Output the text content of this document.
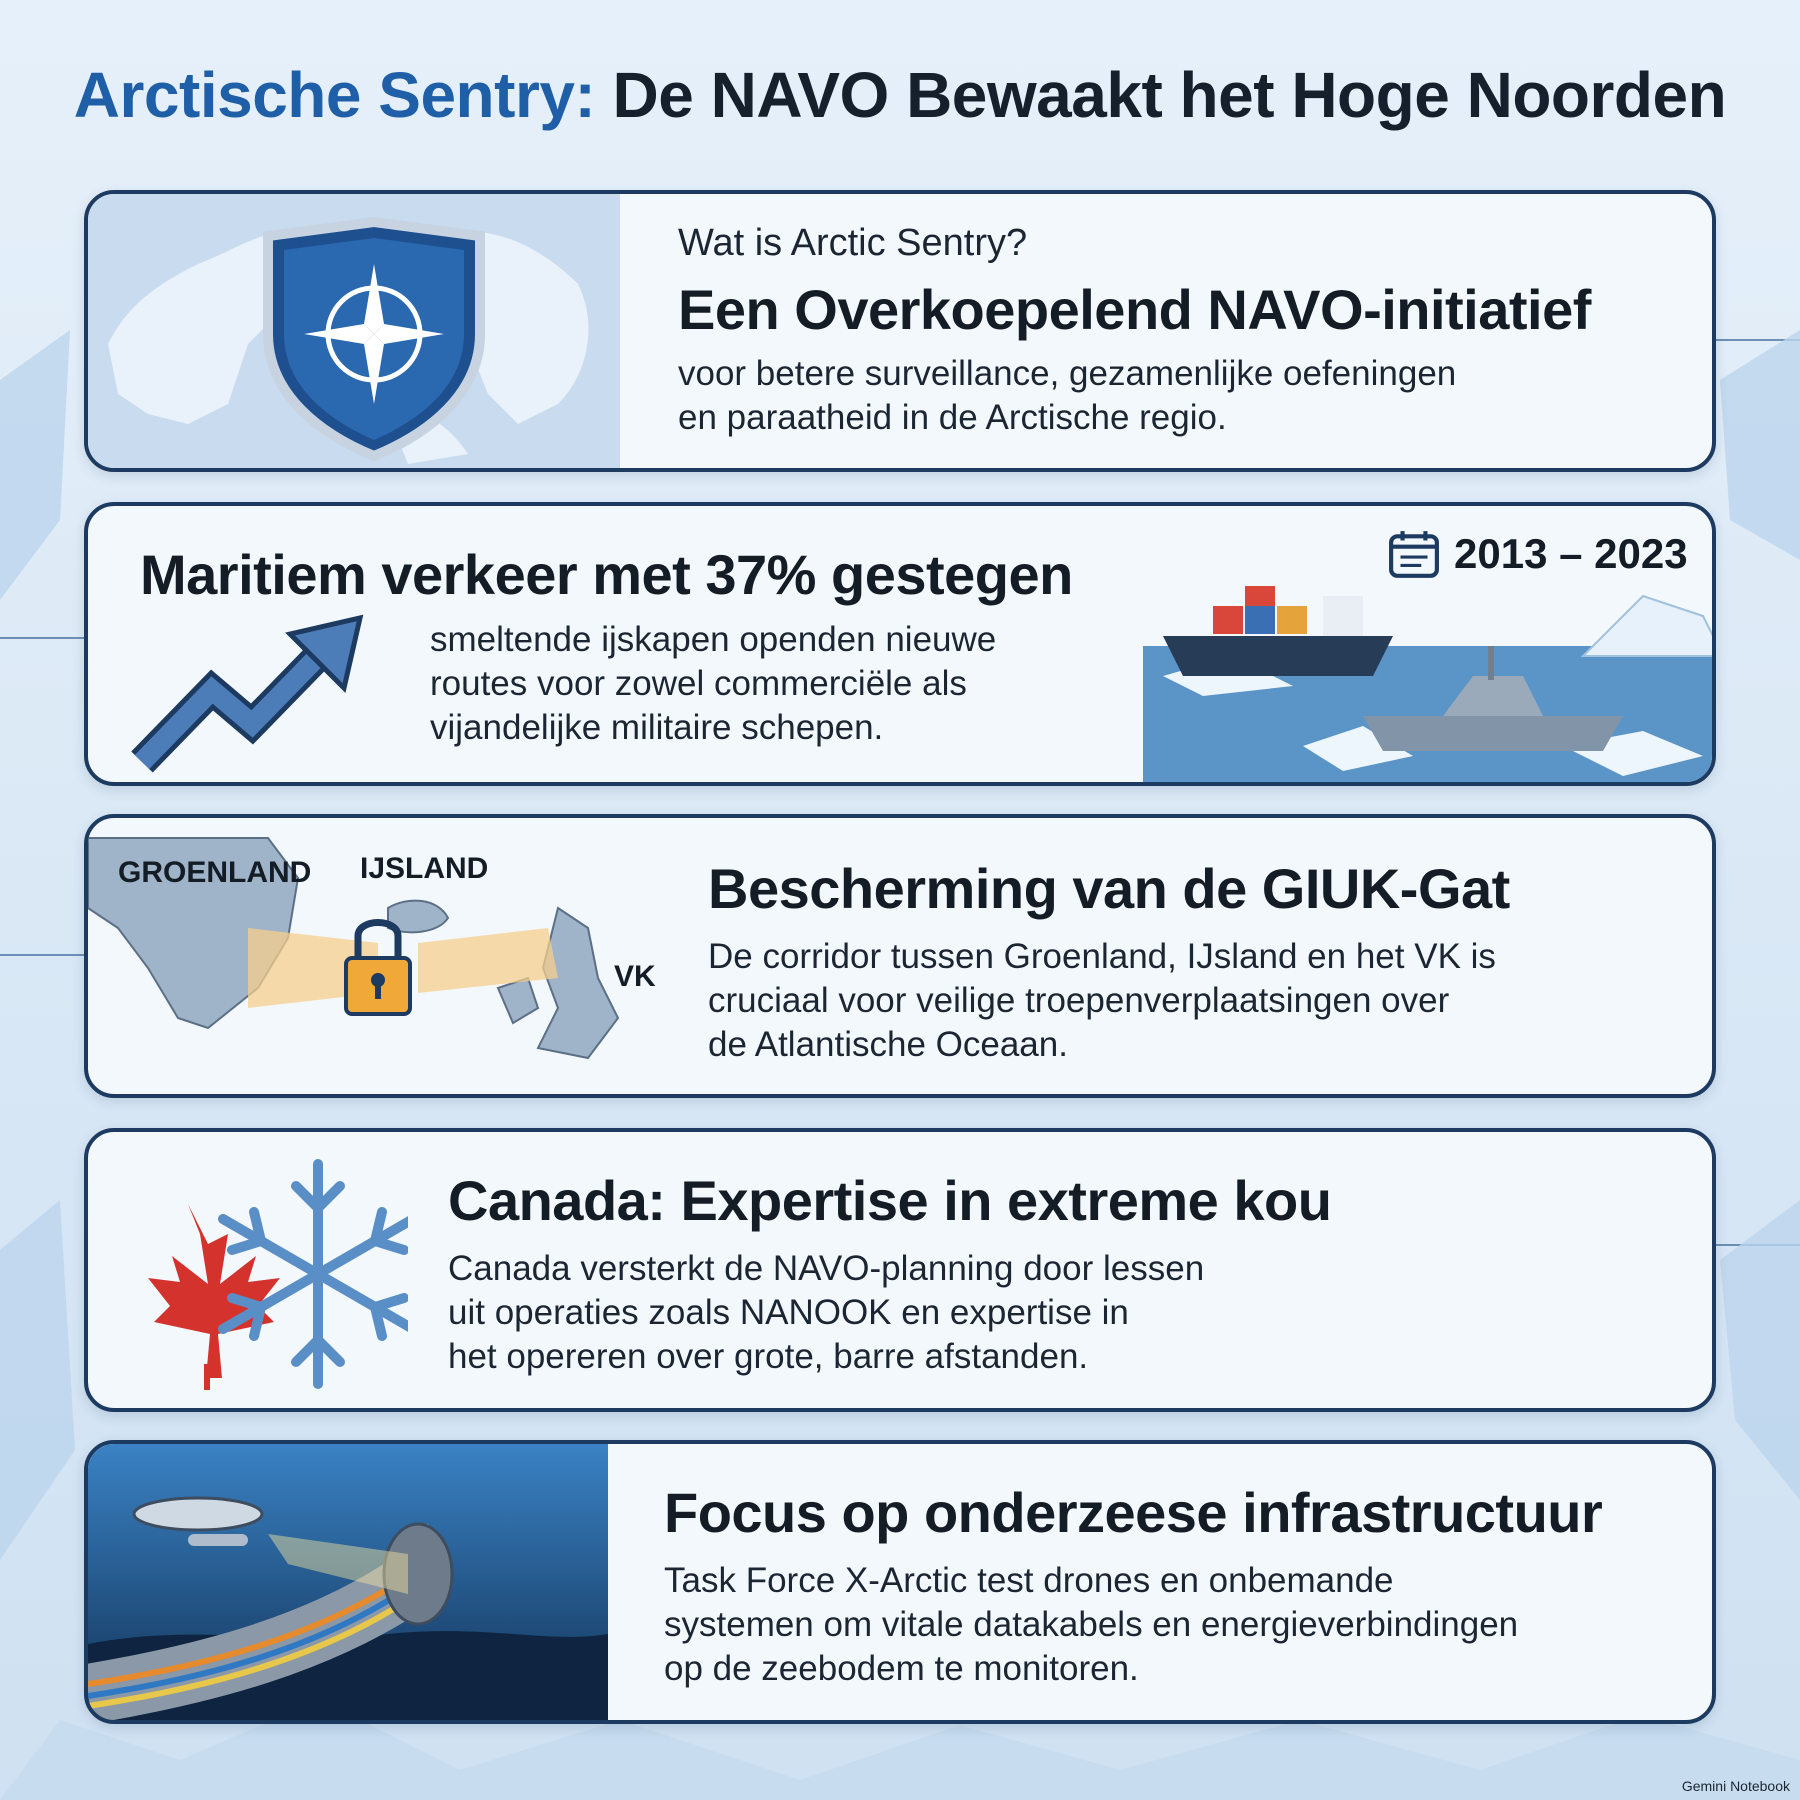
Arctische Sentry: De NAVO Bewaakt het Hoge Noorden
Wat is Arctic Sentry?
Een Overkoepelend NAVO-initiatief
voor betere surveillance, gezamenlijke oefeningen
en paraatheid in de Arctische regio.
Maritiem verkeer met 37% gestegen	2013 – 2023
smeltende ijskapen openden nieuwe
routes voor zowel commerciële als
vijandelijke militaire schepen.
GROENLAND IJSLAND
VK
Bescherming van de GIUK-Gat
De corridor tussen Groenland, IJsland en het VK is
cruciaal voor veilige troepenverplaatsingen over
de Atlantische Oceaan.
Canada: Expertise in extreme kou
Canada versterkt de NAVO-planning door lessen
uit operaties zoals NANOOK en expertise in
het opereren over grote, barre afstanden.
Focus op onderzeese infrastructuur
Task Force X-Arctic test drones en onbemande
systemen om vitale datakabels en energieverbindingen
op de zeebodem te monitoren.
Gemini Notebook
